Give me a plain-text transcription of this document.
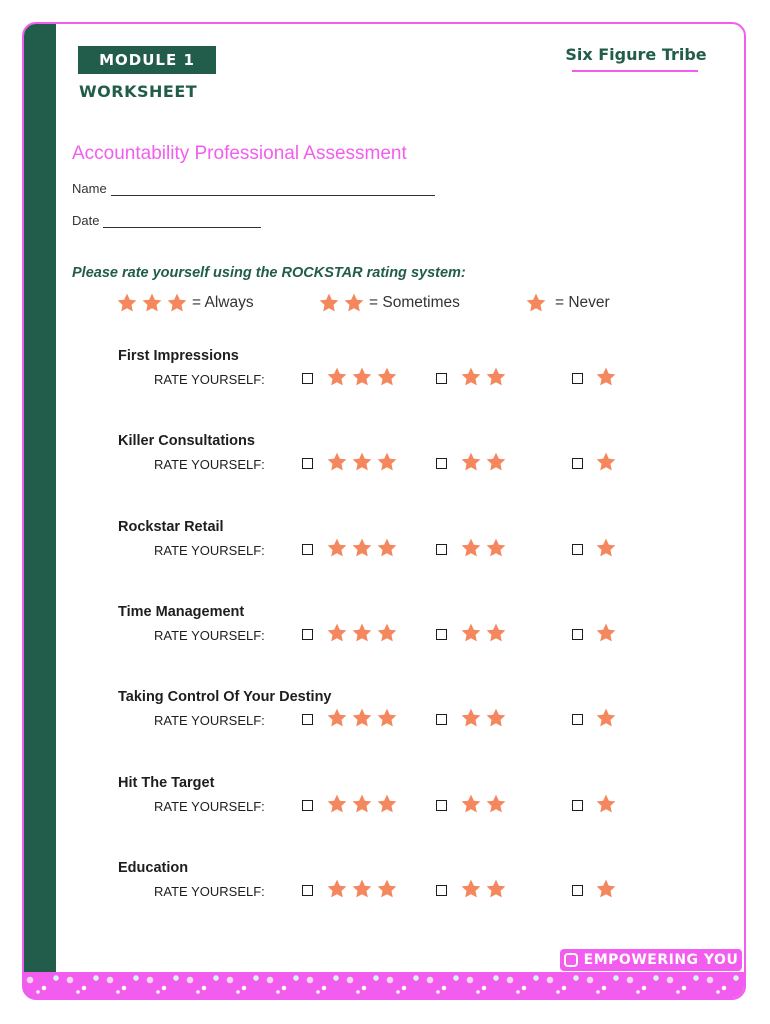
MODULE 1
WORKSHEET
Six Figure Tribe
Accountability Professional Assessment
Name
Date
Please rate yourself using the ROCKSTAR rating system:
= Always	= Sometimes	= Never
First Impressions
RATE YOURSELF:
Killer Consultations
RATE YOURSELF:
Rockstar Retail
RATE YOURSELF:
Time Management
RATE YOURSELF:
Taking Control Of Your Destiny
RATE YOURSELF:
Hit The Target
RATE YOURSELF:
Education
RATE YOURSELF:
EMPOWERING YOU
